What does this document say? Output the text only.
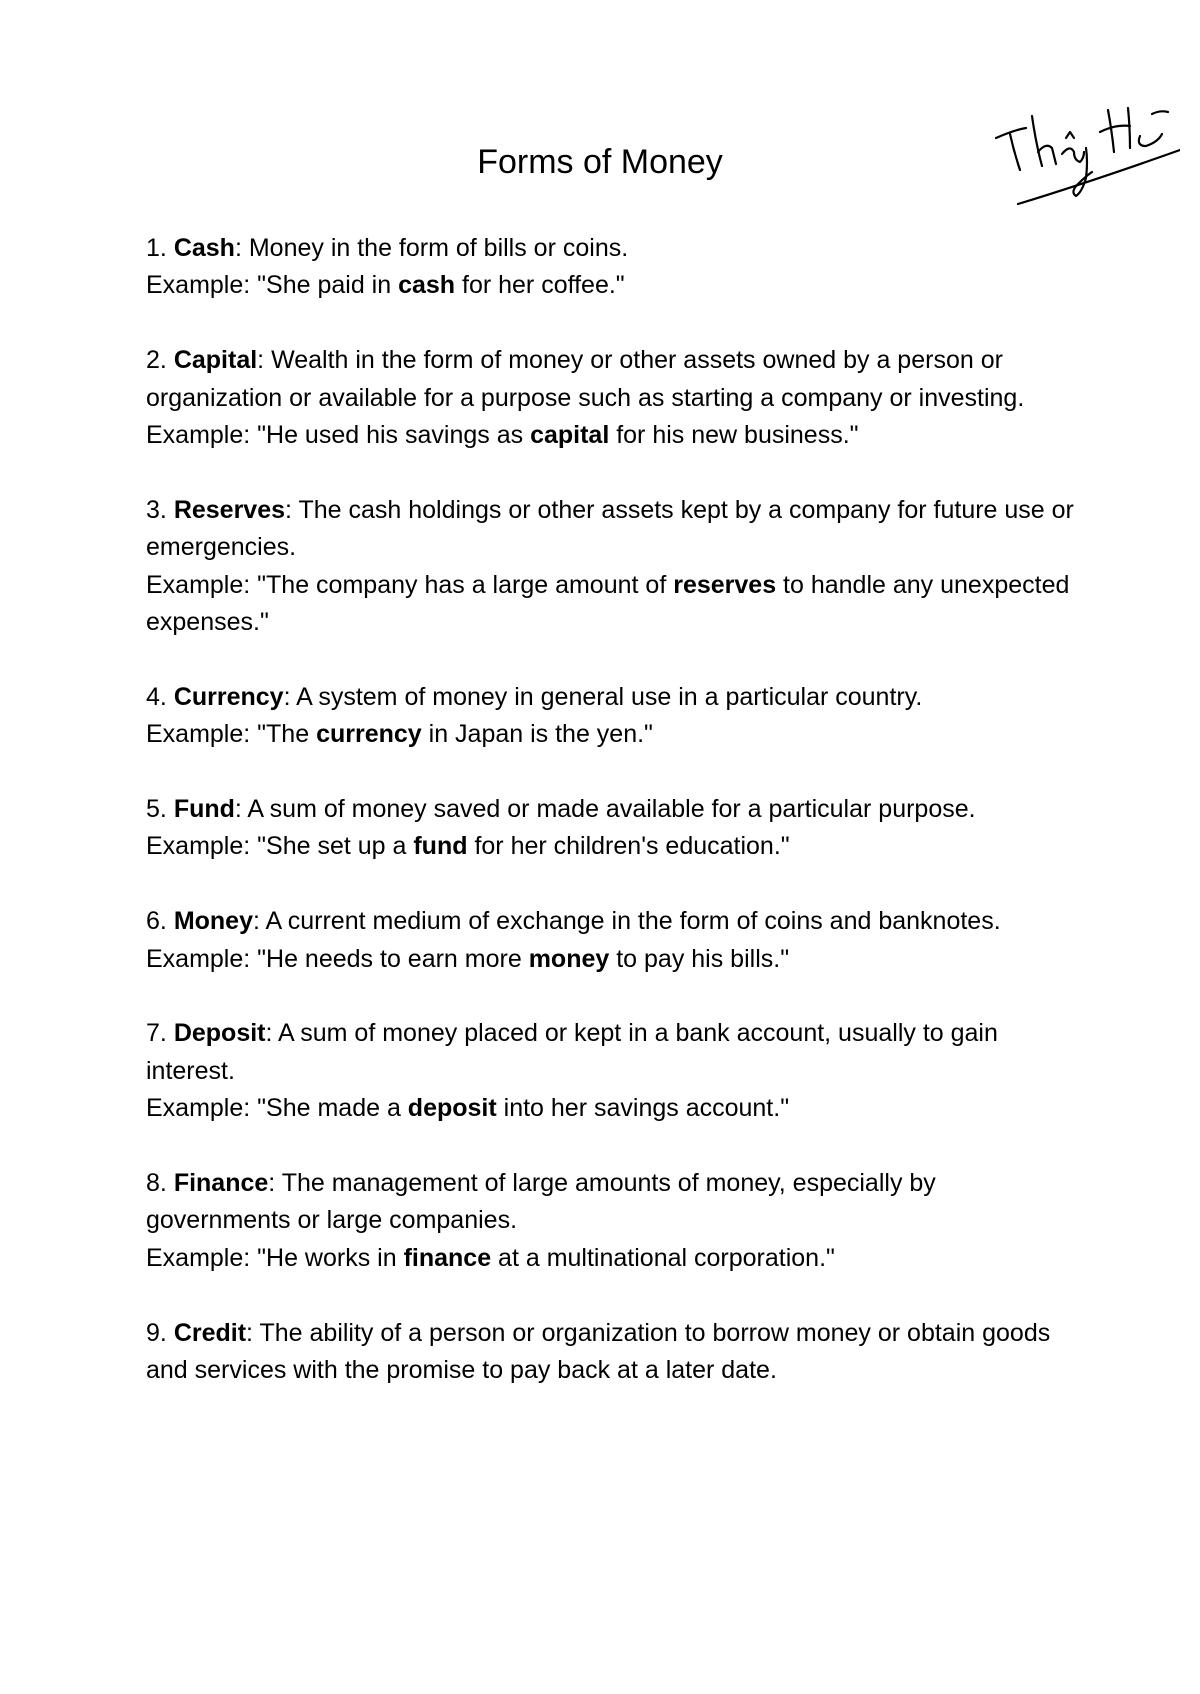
Forms of Money

1. Cash: Money in the form of bills or coins.

Example: "She paid in cash for her coffee."

2. Capital: Wealth in the form of money or other assets owned by a person or organization or available for a purpose such as starting a company or investing.

Example: "He used his savings as capital for his new business."

3. Reserves: The cash holdings or other assets kept by a company for future use or emergencies.

Example: "The company has a large amount of reserves to handle any unexpected expenses."

4. Currency: A system of money in general use in a particular country.

Example: "The currency in Japan is the yen."

5. Fund: A sum of money saved or made available for a particular purpose.

Example: "She set up a fund for her children's education."

6. Money: A current medium of exchange in the form of coins and banknotes.

Example: "He needs to earn more money to pay his bills."

7. Deposit: A sum of money placed or kept in a bank account, usually to gain interest.

Example: "She made a deposit into her savings account."

8. Finance: The management of large amounts of money, especially by governments or large companies.

Example: "He works in finance at a multinational corporation."

9. Credit: The ability of a person or organization to borrow money or obtain goods and services with the promise to pay back at a later date.
